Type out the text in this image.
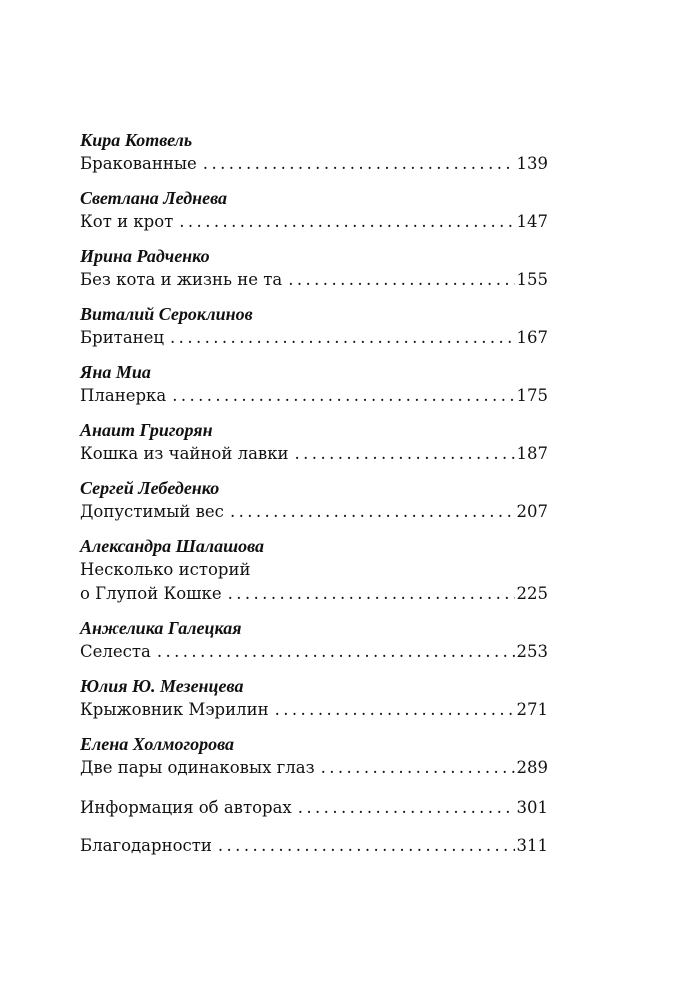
Кира Котвель
Бракованные .....	139
Светлана Леднева
Кот и крот .....	147
Ирина Радченко
Без кота и жизнь не та .....	155
Виталий Сероклинов
Британец .....	167
Яна Миа
Планерка .....	175
Анаит Григорян
Кошка из чайной лавки .....	187
Сергей Лебеденко
Допустимый вес .....	207
Александра Шалашова
Несколько историй
о Глупой Кошке .....	225
Анжелика Галецкая
Селеста .....	253
Юлия Ю. Мезенцева
Крыжовник Мэрилин .....	271
Елена Холмогорова
Две пары одинаковых глаз .....	289
Информация об авторах .....	301
Благодарности .....	311
